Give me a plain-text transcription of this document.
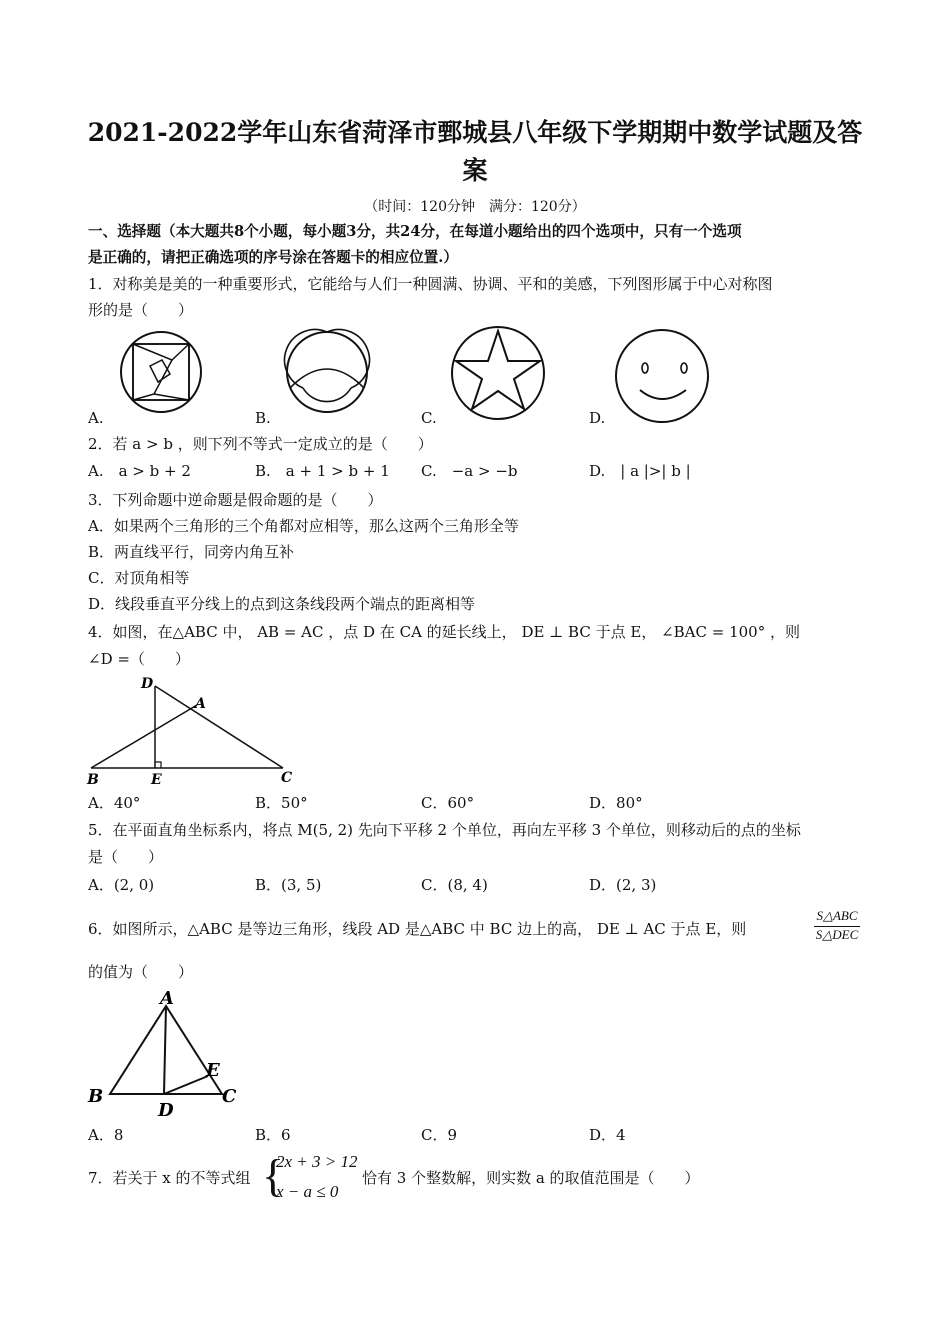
2021-2022学年山东省菏泽市鄄城县八年级下学期期中数学试题及答
案
（时间：120分钟　满分：120分）
一、选择题（本大题共8个小题，每小题3分，共24分，在每道小题给出的四个选项中，只有一个选项
是正确的，请把正确选项的序号涂在答题卡的相应位置.）
1．对称美是美的一种重要形式，它能给与人们一种圆满、协调、平和的美感，下列图形属于中心对称图
形的是（　　）
A.	B.	C.	D.
2．若 a > b ，则下列不等式一定成立的是（　　）
A.　a > b + 2	B.　a + 1 > b + 1 C.　−a > −b	D.　| a |>| b |
3．下列命题中逆命题是假命题的是（　　）
A．如果两个三角形的三个角都对应相等，那么这两个三角形全等
B．两直线平行，同旁内角互补
C．对顶角相等
D．线段垂直平分线上的点到这条线段两个端点的距离相等
4．如图，在△ABC 中， AB = AC ，点 D 在 CA 的延长线上， DE ⊥ BC 于点 E， ∠BAC = 100° ，则
∠D =（　　）
D
A
B	E	C
A．40°	B．50°	C．60°	D．80°
5．在平面直角坐标系内，将点 M(5, 2) 先向下平移 2 个单位，再向左平移 3 个单位，则移动后的点的坐标
是（　　）
A．(2, 0)	B．(3, 5)	C．(8, 4)	D．(2, 3)
6．如图所示，△ABC 是等边三角形，线段 AD 是△ABC 中 BC 边上的高， DE ⊥ AC 于点 E，则
S△ABC
S△DEC
的值为（　　）
A
B
D
E
C
A．8	B．6	C．9	D．4
7．若关于 x 的不等式组 {
2x + 3 > 12
x − a ≤ 0
恰有 3 个整数解，则实数 a 的取值范围是（　　）
